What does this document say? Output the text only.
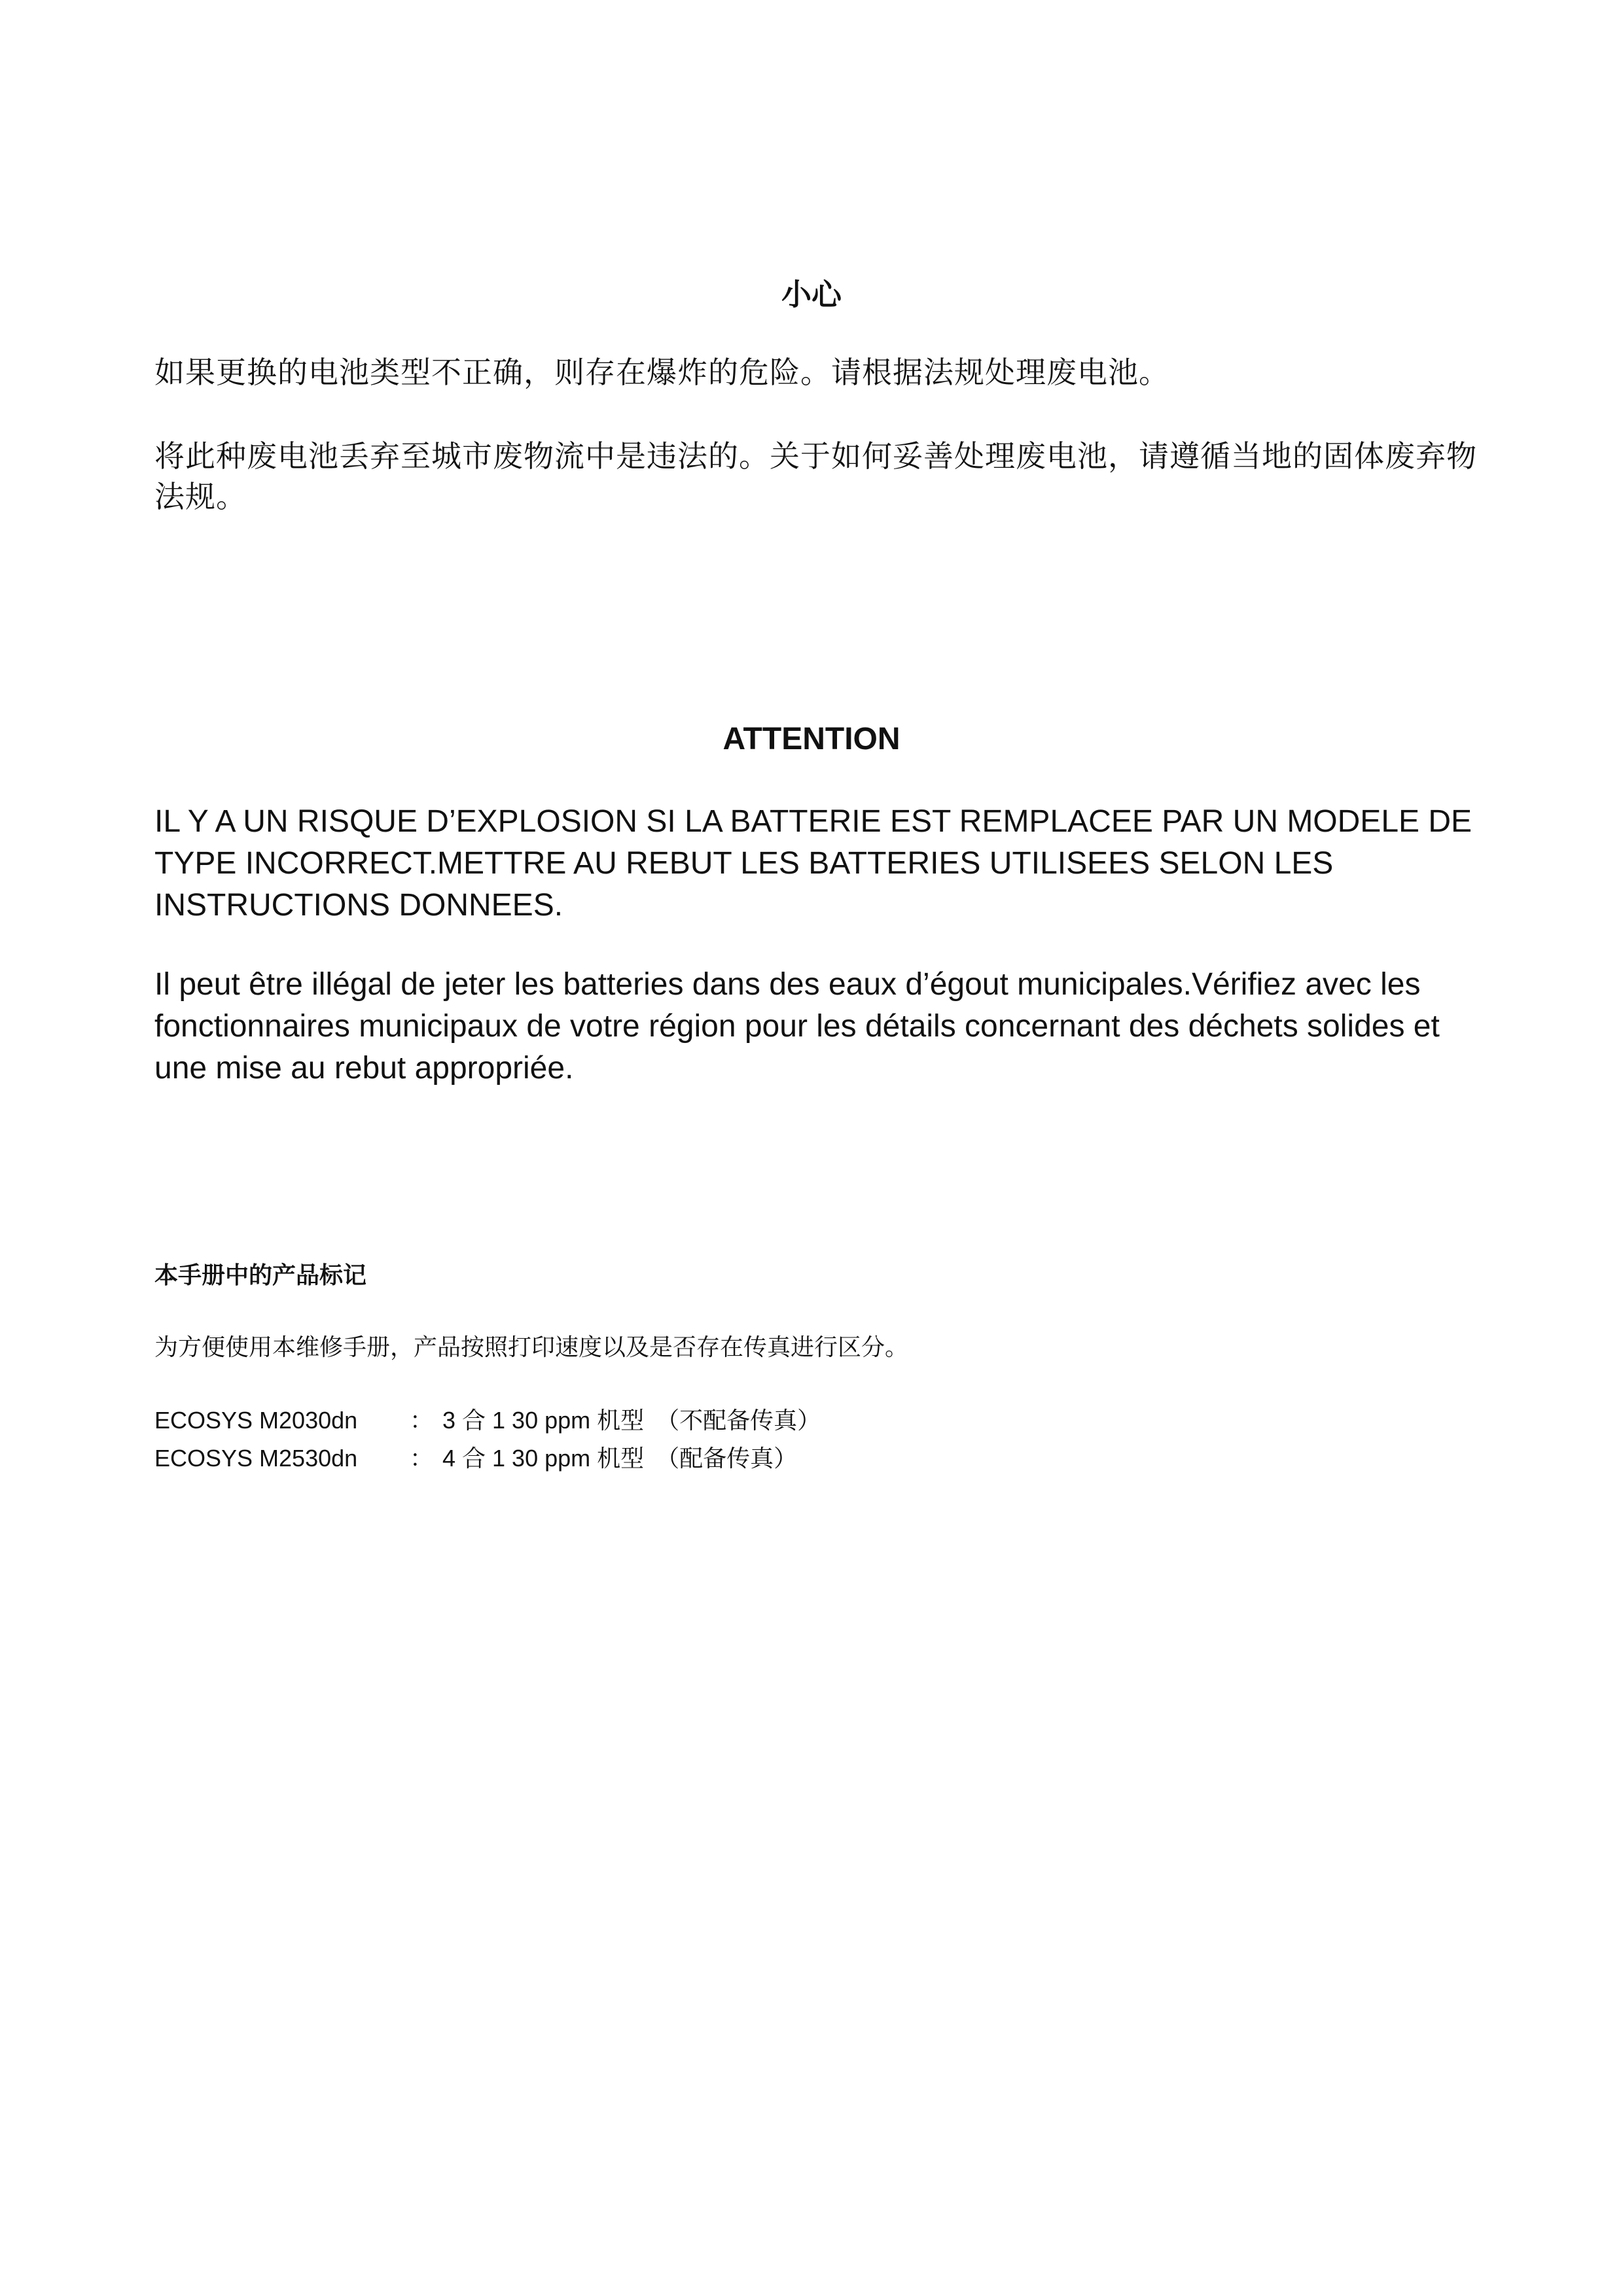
小心

如果更换的电池类型不正确，则存在爆炸的危险。请根据法规处理废电池。

将此种废电池丢弃至城市废物流中是违法的。关于如何妥善处理废电池，请遵循当地的固体废弃物法规。

ATTENTION

IL Y A UN RISQUE D’EXPLOSION SI LA BATTERIE EST REMPLACEE PAR UN MODELE DE TYPE INCORRECT.METTRE AU REBUT LES BATTERIES UTILISEES SELON LES INSTRUCTIONS DONNEES.

Il peut être illégal de jeter les batteries dans des eaux d’égout municipales.Vérifiez avec les fonctionnaires municipaux de votre région pour les détails concernant des déchets solides et une mise au rebut appropriée.

本手册中的产品标记

为方便使用本维修手册，产品按照打印速度以及是否存在传真进行区分。

ECOSYS M2030dn ： 3 合 1 30 ppm 机型 （不配备传真）
ECOSYS M2530dn ： 4 合 1 30 ppm 机型 （配备传真）
